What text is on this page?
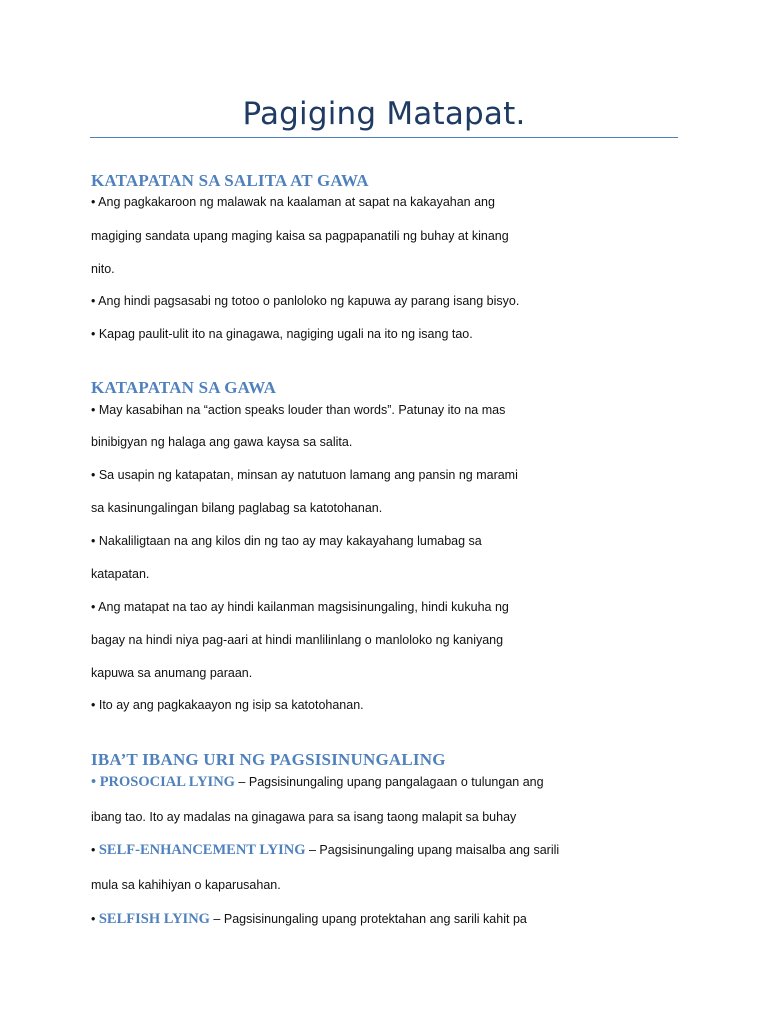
Pagiging Matapat.
KATAPATAN SA SALITA AT GAWA
• Ang pagkakaroon ng malawak na kaalaman at sapat na kakayahan ang
magiging sandata upang maging kaisa sa pagpapanatili ng buhay at kinang
nito.
• Ang hindi pagsasabi ng totoo o panloloko ng kapuwa ay parang isang bisyo.
• Kapag paulit-ulit ito na ginagawa, nagiging ugali na ito ng isang tao.
KATAPATAN SA GAWA
• May kasabihan na “action speaks louder than words”. Patunay ito na mas
binibigyan ng halaga ang gawa kaysa sa salita.
• Sa usapin ng katapatan, minsan ay natutuon lamang ang pansin ng marami
sa kasinungalingan bilang paglabag sa katotohanan.
• Nakaliligtaan na ang kilos din ng tao ay may kakayahang lumabag sa
katapatan.
• Ang matapat na tao ay hindi kailanman magsisinungaling, hindi kukuha ng
bagay na hindi niya pag-aari at hindi manlilinlang o manloloko ng kaniyang
kapuwa sa anumang paraan.
• Ito ay ang pagkakaayon ng isip sa katotohanan.
IBA’T IBANG URI NG PAGSISINUNGALING
• PROSOCIAL LYING – Pagsisinungaling upang pangalagaan o tulungan ang
ibang tao. Ito ay madalas na ginagawa para sa isang taong malapit sa buhay
• SELF-ENHANCEMENT LYING – Pagsisinungaling upang maisalba ang sarili
mula sa kahihiyan o kaparusahan.
• SELFISH LYING – Pagsisinungaling upang protektahan ang sarili kahit pa
